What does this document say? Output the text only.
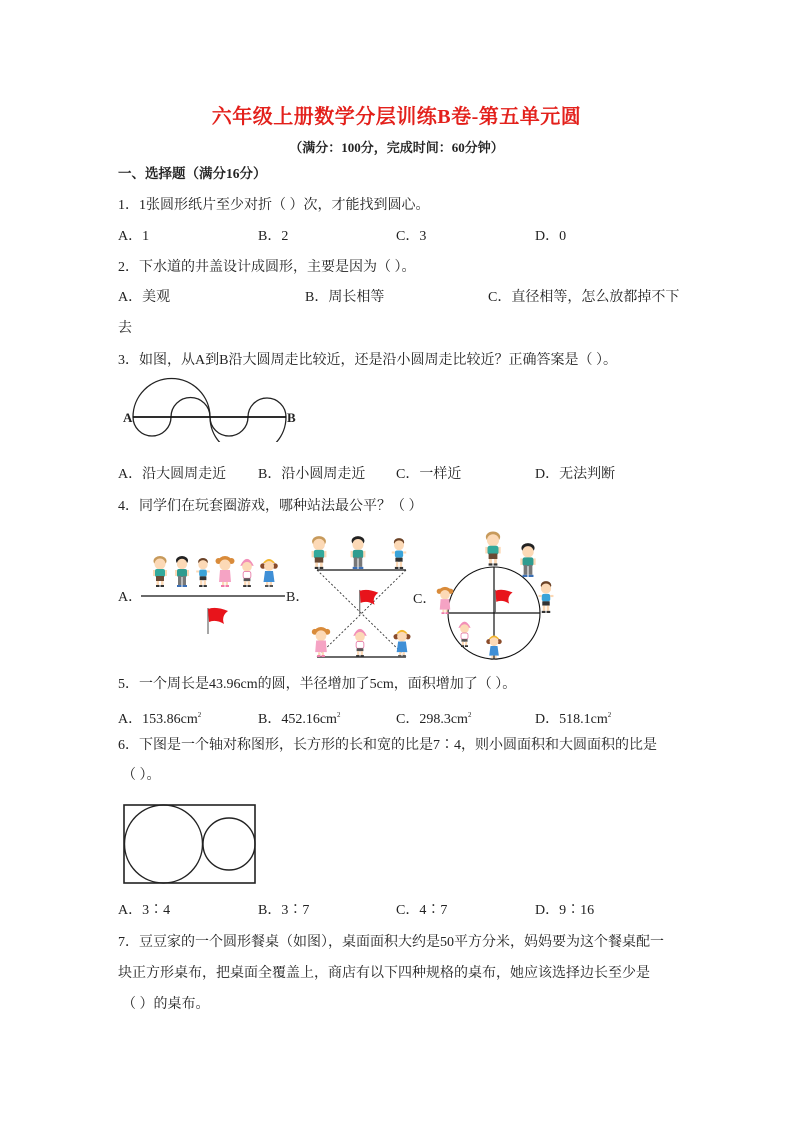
六年级上册数学分层训练B卷-第五单元圆
（满分：100分，完成时间：60分钟）
一、选择题（满分16分）
1．1张圆形纸片至少对折（ ）次，才能找到圆心。
A．1	B．2	C．3	D．0
2．下水道的井盖设计成圆形，主要是因为（ ）。
A．美观	B．周长相等	C．直径相等，怎么放都掉不下
去
3．如图，从A到B沿大圆周走比较近，还是沿小圆周走比较近？正确答案是（ ）。
A	B
A．沿大圆周走近 B．沿小圆周走近 C．一样近	D．无法判断
4．同学们在玩套圈游戏，哪种站法最公平？（ ）
A．	B．	C．
5．一个周长是43.96cm的圆，半径增加了5cm，面积增加了（ ）。
A．$153.86cm^2$	B．$452.16cm^2$	C．$298.3cm^2$	D．$518.1cm^2$
6．下图是一个轴对称图形，长方形的长和宽的比是7∶4，则小圆面积和大圆面积的比是
（ ）。
A．3∶4	B．3∶7	C．4∶7	D．9∶16
7．豆豆家的一个圆形餐桌（如图），桌面面积大约是50平方分米，妈妈要为这个餐桌配一
块正方形桌布，把桌面全覆盖上，商店有以下四种规格的桌布，她应该选择边长至少是
（ ）的桌布。
